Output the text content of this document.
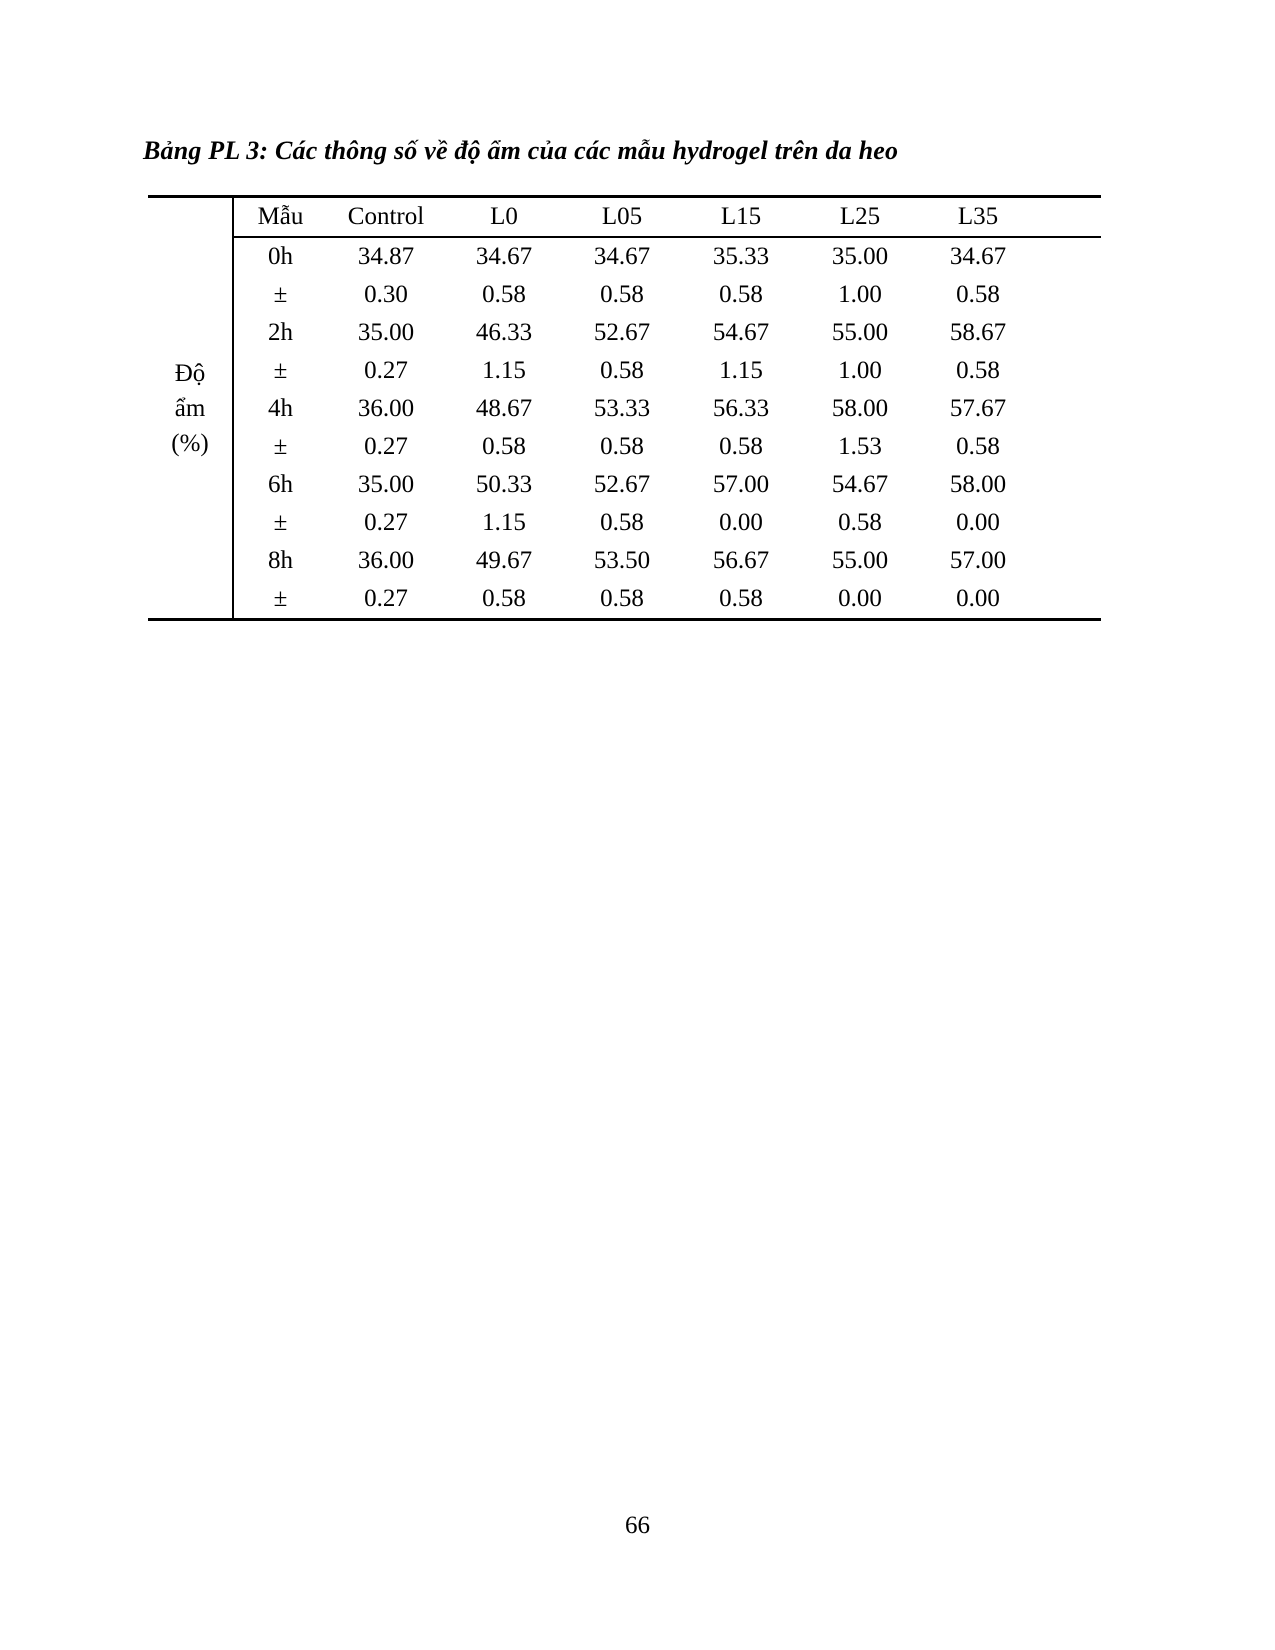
Bảng PL 3: Các thông số về độ ẩm của các mẫu hydrogel trên da heo
Độ
ẩm
(%)	Mẫu	Control	L0	L05	L15	L25	L35	
	0h	34.87	34.67	34.67	35.33	35.00	34.67	
	±	0.30	0.58	0.58	0.58	1.00	0.58	
	2h	35.00	46.33	52.67	54.67	55.00	58.67	
	±	0.27	1.15	0.58	1.15	1.00	0.58	
	4h	36.00	48.67	53.33	56.33	58.00	57.67	
	±	0.27	0.58	0.58	0.58	1.53	0.58	
	6h	35.00	50.33	52.67	57.00	54.67	58.00	
	±	0.27	1.15	0.58	0.00	0.58	0.00	
	8h	36.00	49.67	53.50	56.67	55.00	57.00	
	±	0.27	0.58	0.58	0.58	0.00	0.00	
66
